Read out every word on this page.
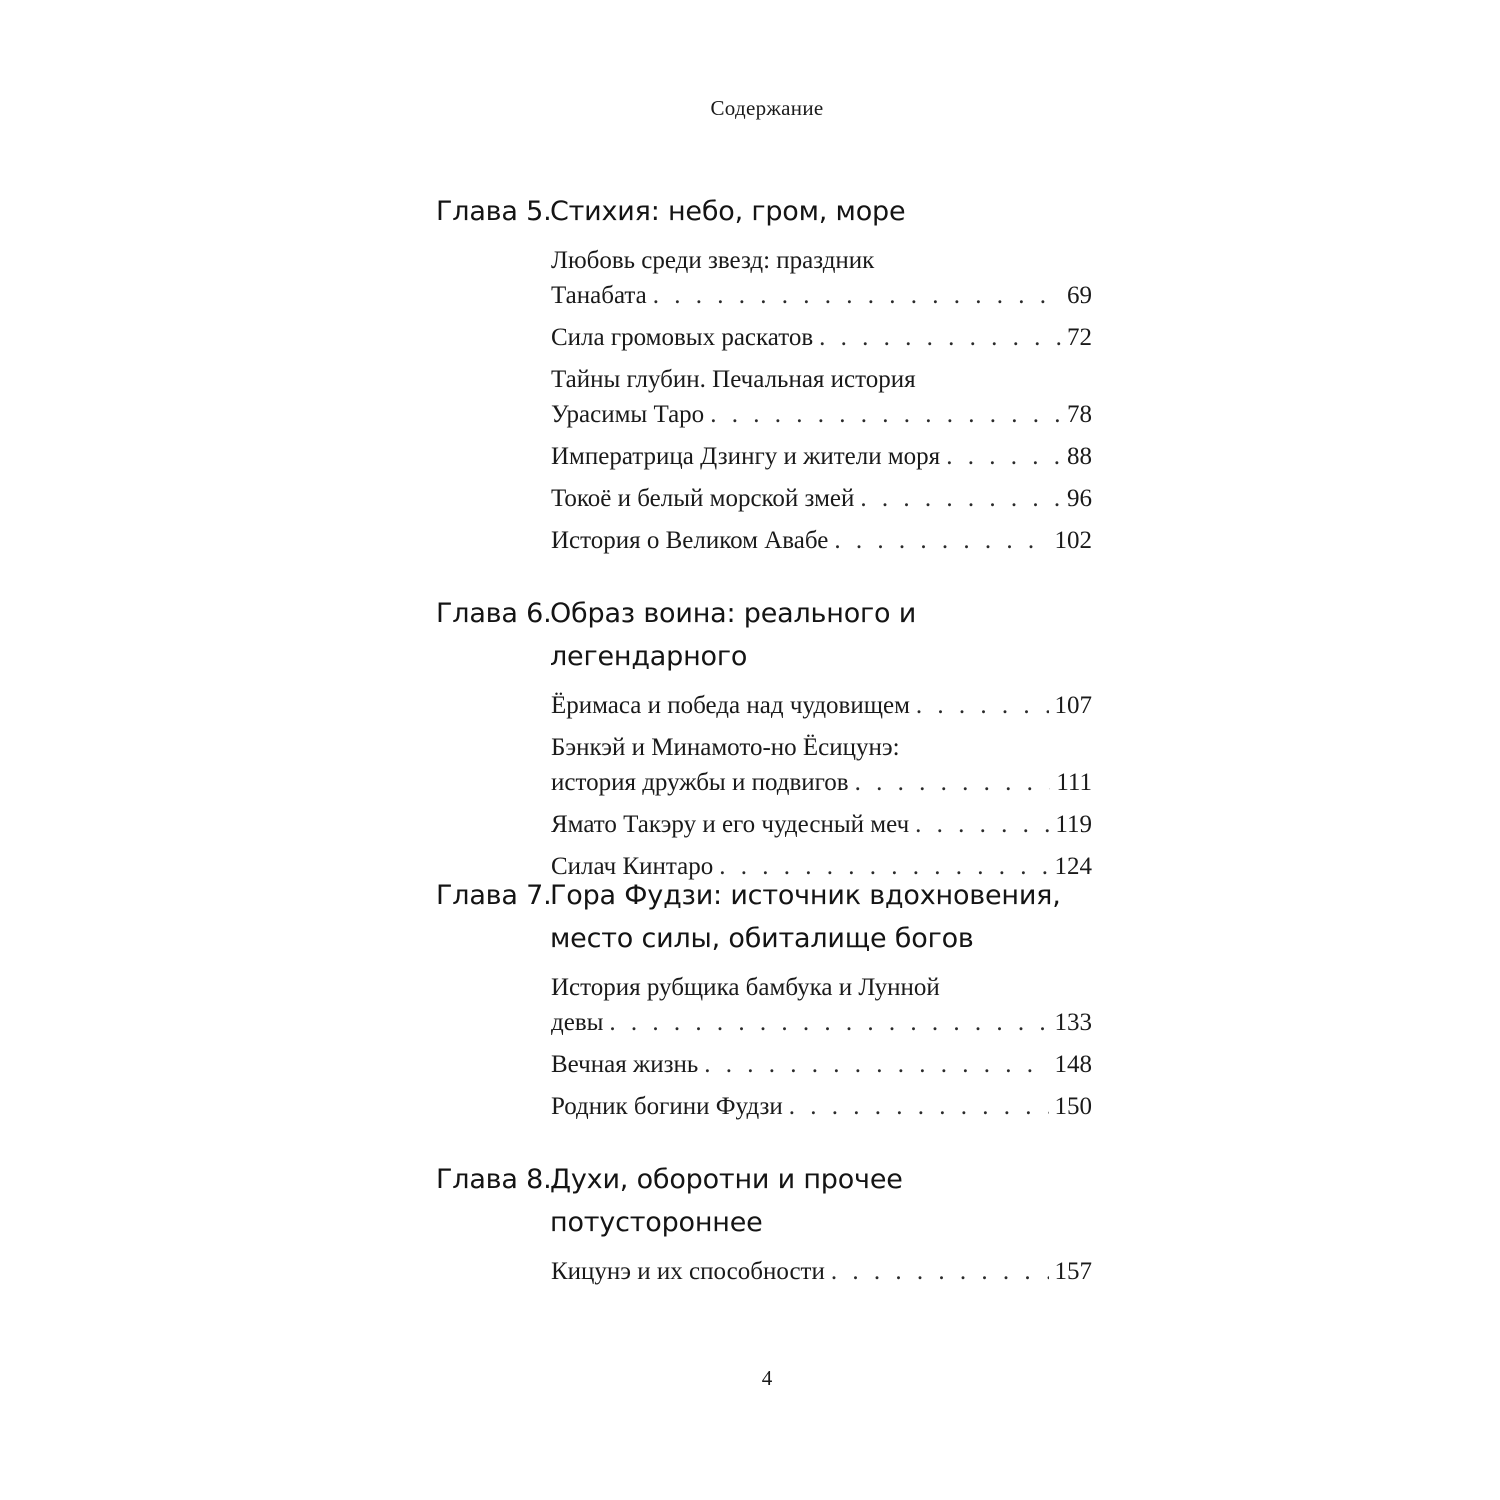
Содержание
Глава 5.
Стихия: небо, гром, море
Любовь среди звезд: праздник
Танабата . . .	69
Сила громовых раскатов . . .	72
Тайны глубин. Печальная история
Урасимы Таро . . .	78
Императрица Дзингу и жители моря . . .	88
Токоё и белый морской змей . . .	96
История о Великом Авабе . . .	102
Глава 6.
Образ воина: реального и легендарного
Ёримаса и победа над чудовищем . . .	107
Бэнкэй и Минамото-но Ёсицунэ:
история дружбы и подвигов . . .	111
Ямато Такэру и его чудесный меч . . .	119
Силач Кинтаро . . .	124
Глава 7.
Гора Фудзи: источник вдохновения, место силы, обиталище богов
История рубщика бамбука и Лунной
девы . . .	133
Вечная жизнь . . .	148
Родник богини Фудзи . . .	150
Глава 8.
Духи, оборотни и прочее потустороннее
Кицунэ и их способности . . .	157
4
